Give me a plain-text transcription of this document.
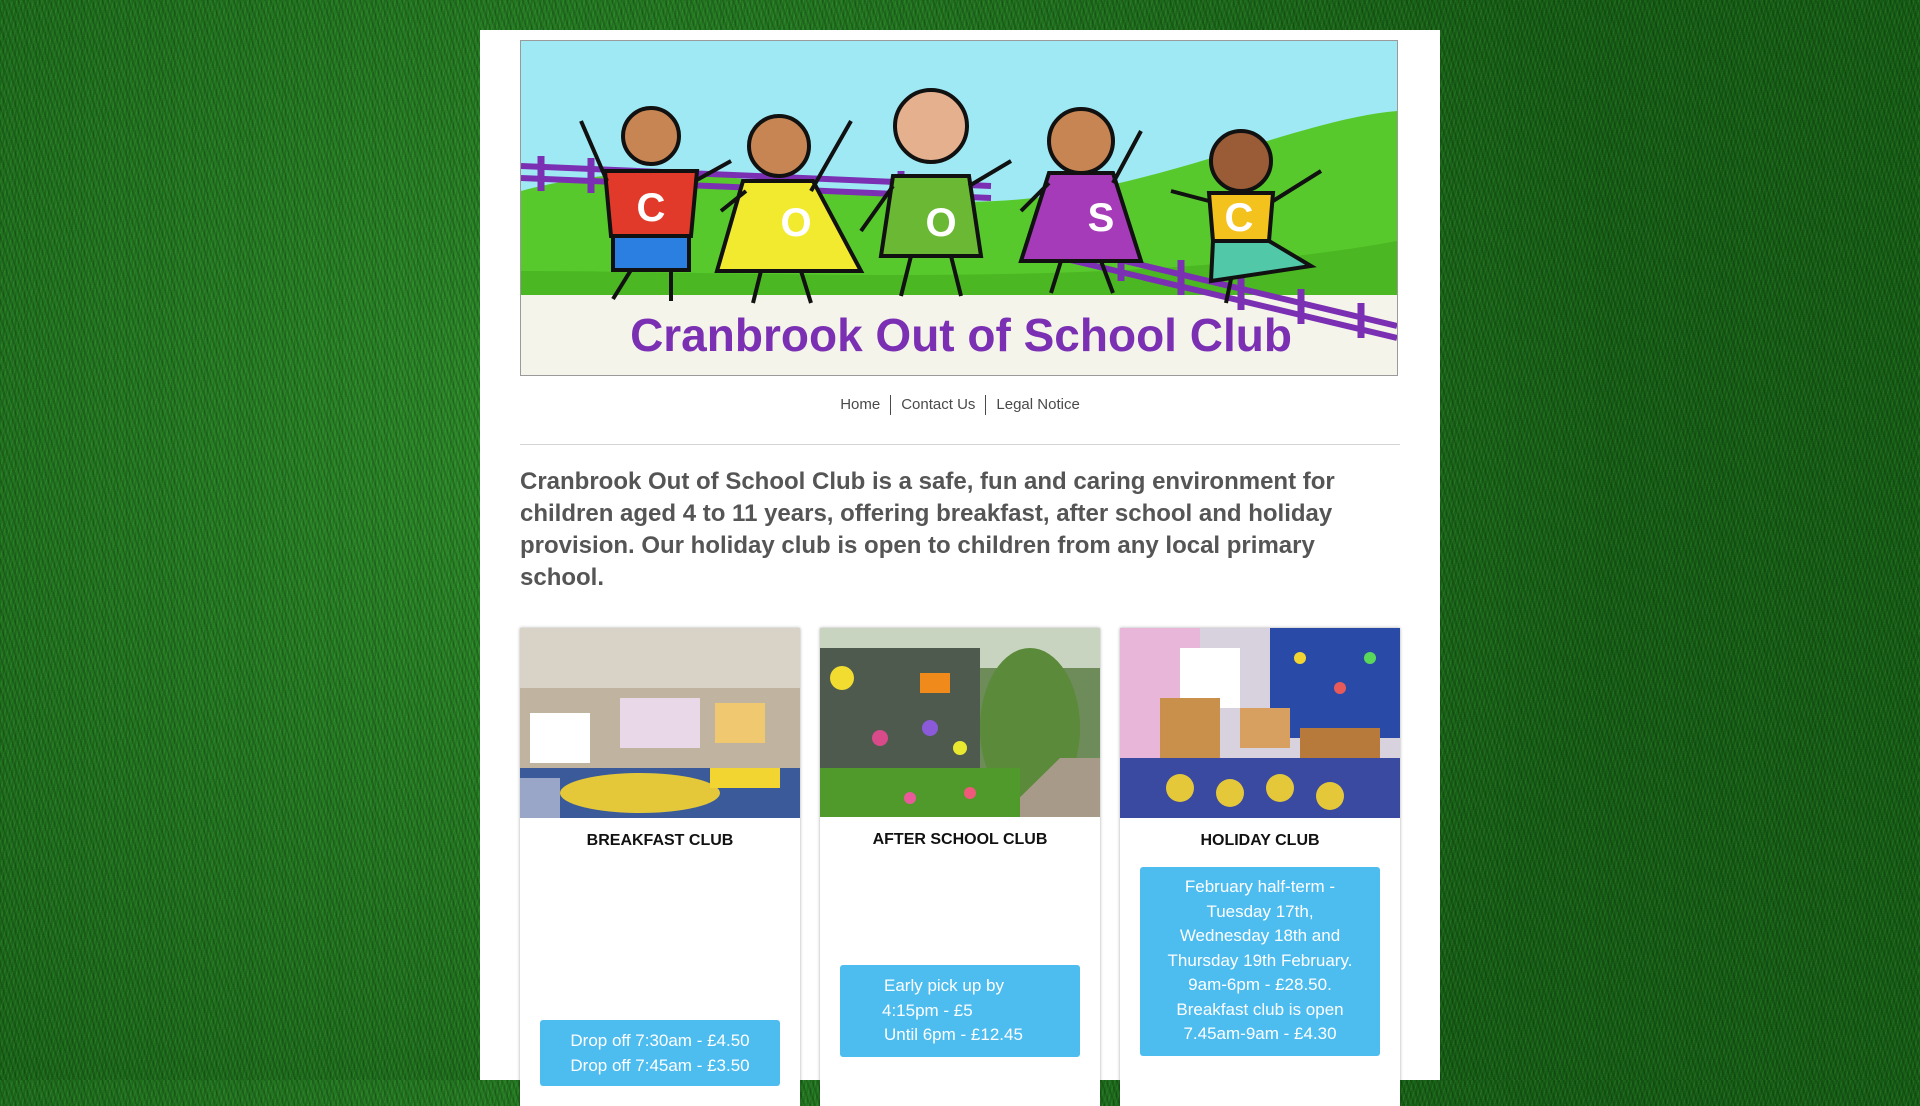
C	O	O	S	C
Cranbrook Out of School Club
Home Contact Us Legal Notice

Cranbrook Out of School Club is a safe, fun and caring environment for children aged 4 to 11 years, offering breakfast, after school and holiday provision. Our holiday club is open to children from any local primary school.

BREAKFAST CLUB
Drop off 7:30am - £4.50
Drop off 7:45am - £3.50
AFTER SCHOOL CLUB
Early pick up by
4:15pm - £5
Until 6pm - £12.45
HOLIDAY CLUB
February half-term -
Tuesday 17th,
Wednesday 18th and
Thursday 19th February.
9am-6pm - £28.50.
Breakfast club is open
7.45am-9am - £4.30
